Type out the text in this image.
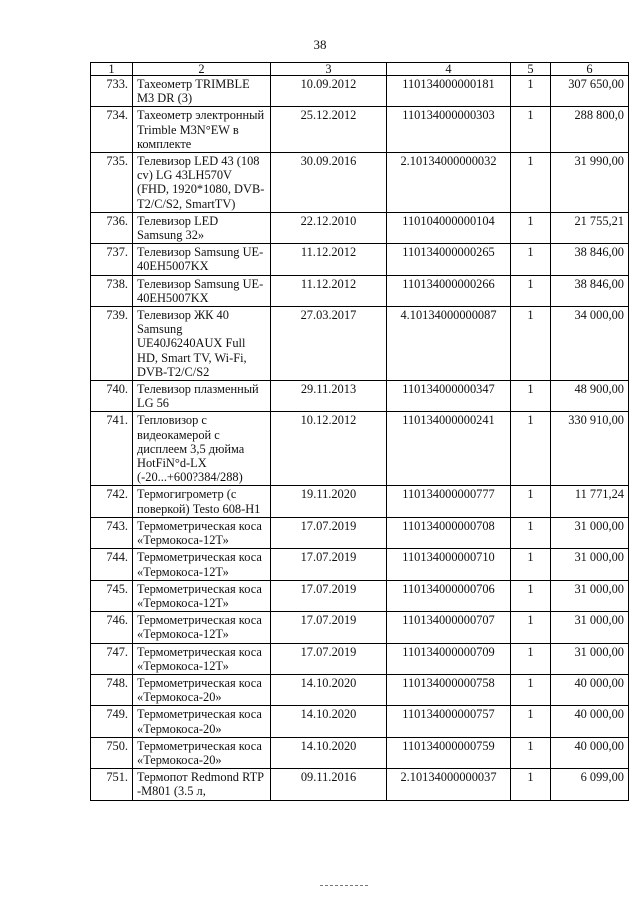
38
1	2	3	4	5	6
733.	Тахеометр TRIMBLE M3 DR (3)	10.09.2012	110134000000181	1	307 650,00
734.	Тахеометр электронный Trimble M3N°EW в комплекте	25.12.2012	110134000000303	1	288 800,0
735.	Телевизор LED 43 (108 cv) LG 43LH570V (FHD, 1920*1080, DVB-T2/C/S2, SmartTV)	30.09.2016	2.10134000000032	1	31 990,00
736.	Телевизор LED Samsung 32»	22.12.2010	110104000000104	1	21 755,21
737.	Телевизор Samsung UE-40EH5007KX	11.12.2012	110134000000265	1	38 846,00
738.	Телевизор Samsung UE-40EH5007KX	11.12.2012	110134000000266	1	38 846,00
739.	Телевизор ЖК 40 Samsung UE40J6240AUX Full HD, Smart TV, Wi-Fi, DVB-T2/C/S2	27.03.2017	4.10134000000087	1	34 000,00
740.	Телевизор плазменный LG 56	29.11.2013	110134000000347	1	48 900,00
741.	Тепловизор с видеокамерой с дисплеем 3,5 дюйма HotFiN°d-LX (-20...+600?384/288)	10.12.2012	110134000000241	1	330 910,00
742.	Термогигрометр (с поверкой) Testo 608-H1	19.11.2020	110134000000777	1	11 771,24
743.	Термометрическая коса «Термокоса-12Т»	17.07.2019	110134000000708	1	31 000,00
744.	Термометрическая коса «Термокоса-12Т»	17.07.2019	110134000000710	1	31 000,00
745.	Термометрическая коса «Термокоса-12Т»	17.07.2019	110134000000706	1	31 000,00
746.	Термометрическая коса «Термокоса-12Т»	17.07.2019	110134000000707	1	31 000,00
747.	Термометрическая коса «Термокоса-12Т»	17.07.2019	110134000000709	1	31 000,00
748.	Термометрическая коса «Термокоса-20»	14.10.2020	110134000000758	1	40 000,00
749.	Термометрическая коса «Термокоса-20»	14.10.2020	110134000000757	1	40 000,00
750.	Термометрическая коса «Термокоса-20»	14.10.2020	110134000000759	1	40 000,00
751.	Термопот Redmond RTP -M801 (3.5 л,	09.11.2016	2.10134000000037	1	6 099,00
